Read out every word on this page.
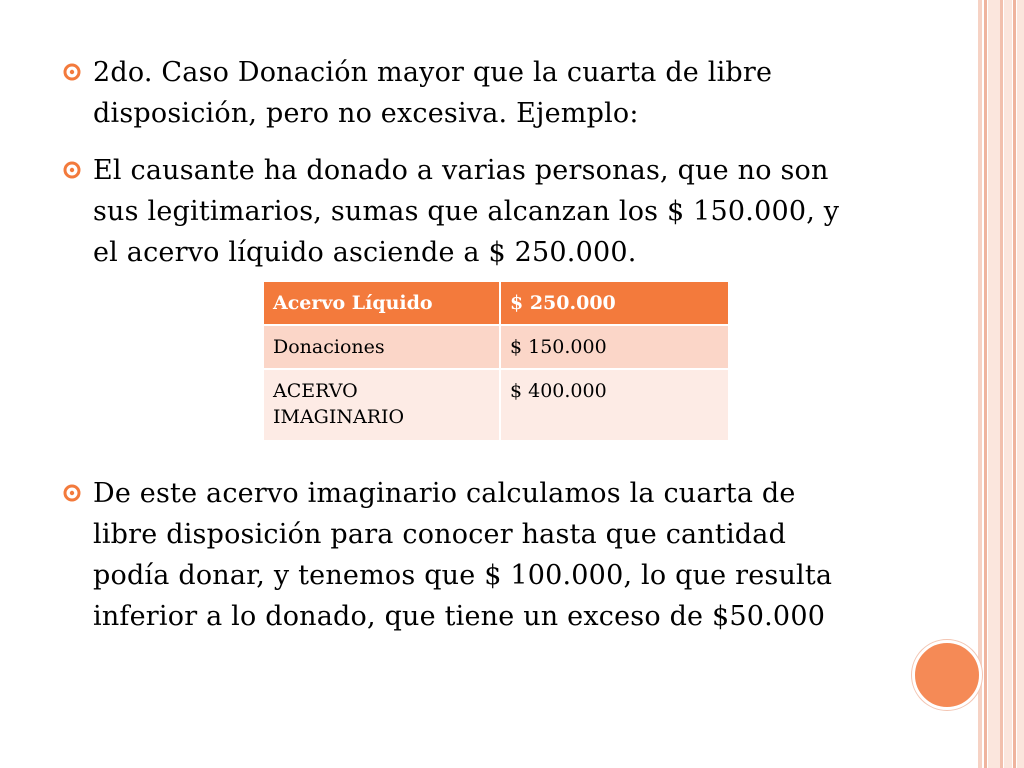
2do. Caso Donación mayor que la cuarta de libre disposición, pero no excesiva. Ejemplo:
El causante ha donado a varias personas, que no son sus legitimarios, sumas que alcanzan los $ 150.000, y el acervo líquido asciende a $ 250.000.
Acervo Líquido	$ 250.000
Donaciones	$ 150.000
ACERVO IMAGINARIO	$ 400.000
De este acervo imaginario calculamos la cuarta de libre disposición para conocer hasta que cantidad podía donar, y tenemos que $ 100.000, lo que resulta inferior a lo donado, que tiene un exceso de $50.000
